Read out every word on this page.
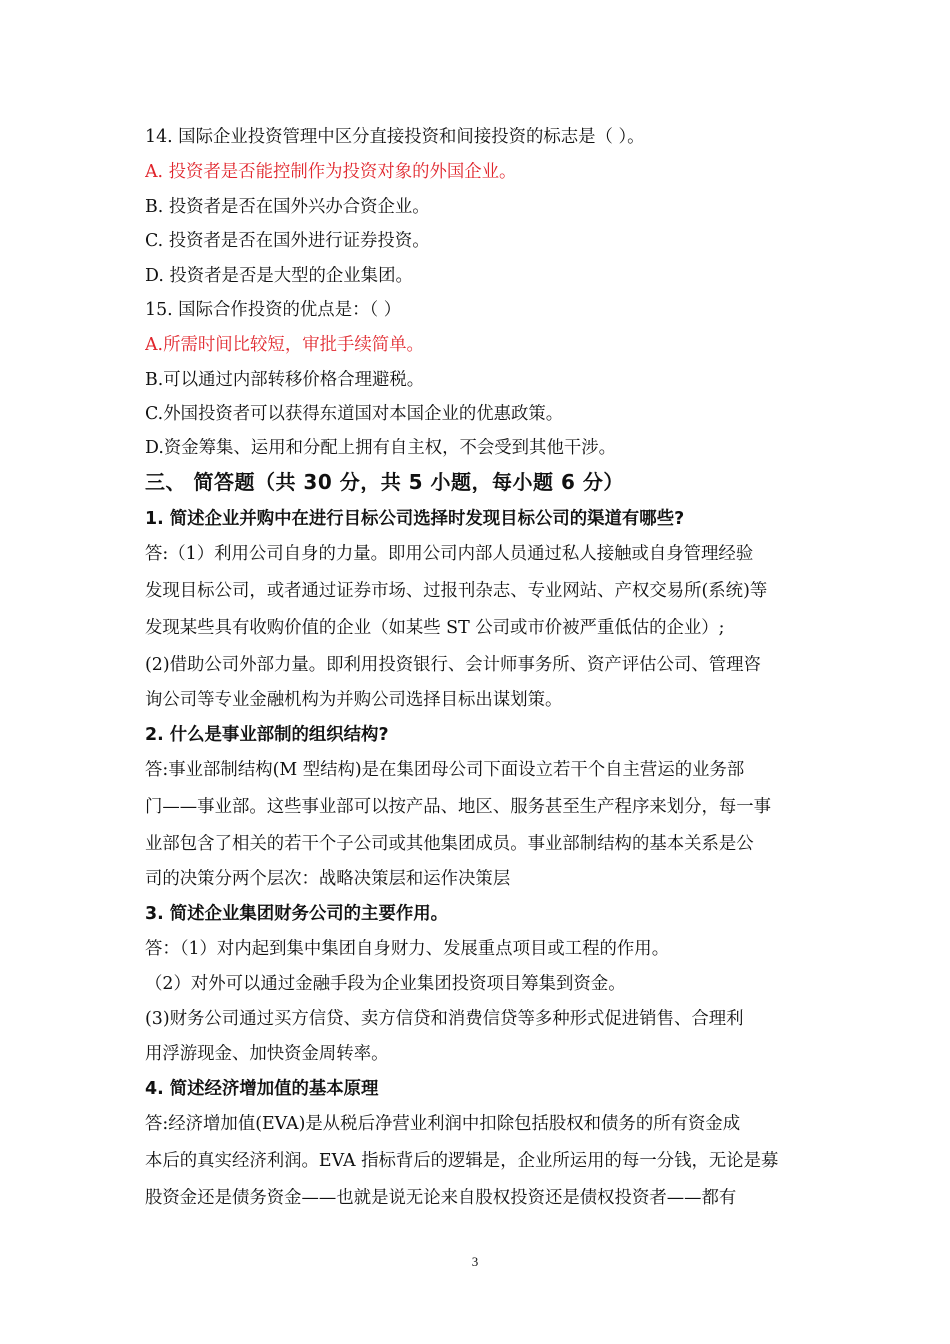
14. 国际企业投资管理中区分直接投资和间接投资的标志是（ ）。
A. 投资者是否能控制作为投资对象的外国企业。
B. 投资者是否在国外兴办合资企业。
C. 投资者是否在国外进行证券投资。
D. 投资者是否是大型的企业集团。
15. 国际合作投资的优点是：（ ）
A.所需时间比较短，审批手续简单。
B.可以通过内部转移价格合理避税。
C.外国投资者可以获得东道国对本国企业的优惠政策。
D.资金筹集、运用和分配上拥有自主权，不会受到其他干涉。
三、 简答题（共 30 分，共 5 小题，每小题 6 分）
1. 简述企业并购中在进行目标公司选择时发现目标公司的渠道有哪些?
答:（1）利用公司自身的力量。即用公司内部人员通过私人接触或自身管理经验
发现目标公司，或者通过证券市场、过报刊杂志、专业网站、产权交易所(系统)等
发现某些具有收购价值的企业（如某些 ST 公司或市价被严重低估的企业）;
(2)借助公司外部力量。即利用投资银行、会计师事务所、资产评估公司、管理咨
询公司等专业金融机构为并购公司选择目标出谋划策。
2. 什么是事业部制的组织结构?
答:事业部制结构(M 型结构)是在集团母公司下面设立若干个自主营运的业务部
门——事业部。这些事业部可以按产品、地区、服务甚至生产程序来划分，每一事
业部包含了相关的若干个子公司或其他集团成员。事业部制结构的基本关系是公
司的决策分两个层次：战略决策层和运作决策层
3. 简述企业集团财务公司的主要作用。
答：（1）对内起到集中集团自身财力、发展重点项目或工程的作用。
（2）对外可以通过金融手段为企业集团投资项目筹集到资金。
(3)财务公司通过买方信贷、卖方信贷和消费信贷等多种形式促进销售、合理利
用浮游现金、加快资金周转率。
4. 简述经济增加值的基本原理
答:经济增加值(EVA)是从税后净营业利润中扣除包括股权和债务的所有资金成
本后的真实经济利润。EVA 指标背后的逻辑是，企业所运用的每一分钱，无论是募
股资金还是债务资金——也就是说无论来自股权投资还是债权投资者——都有
3
